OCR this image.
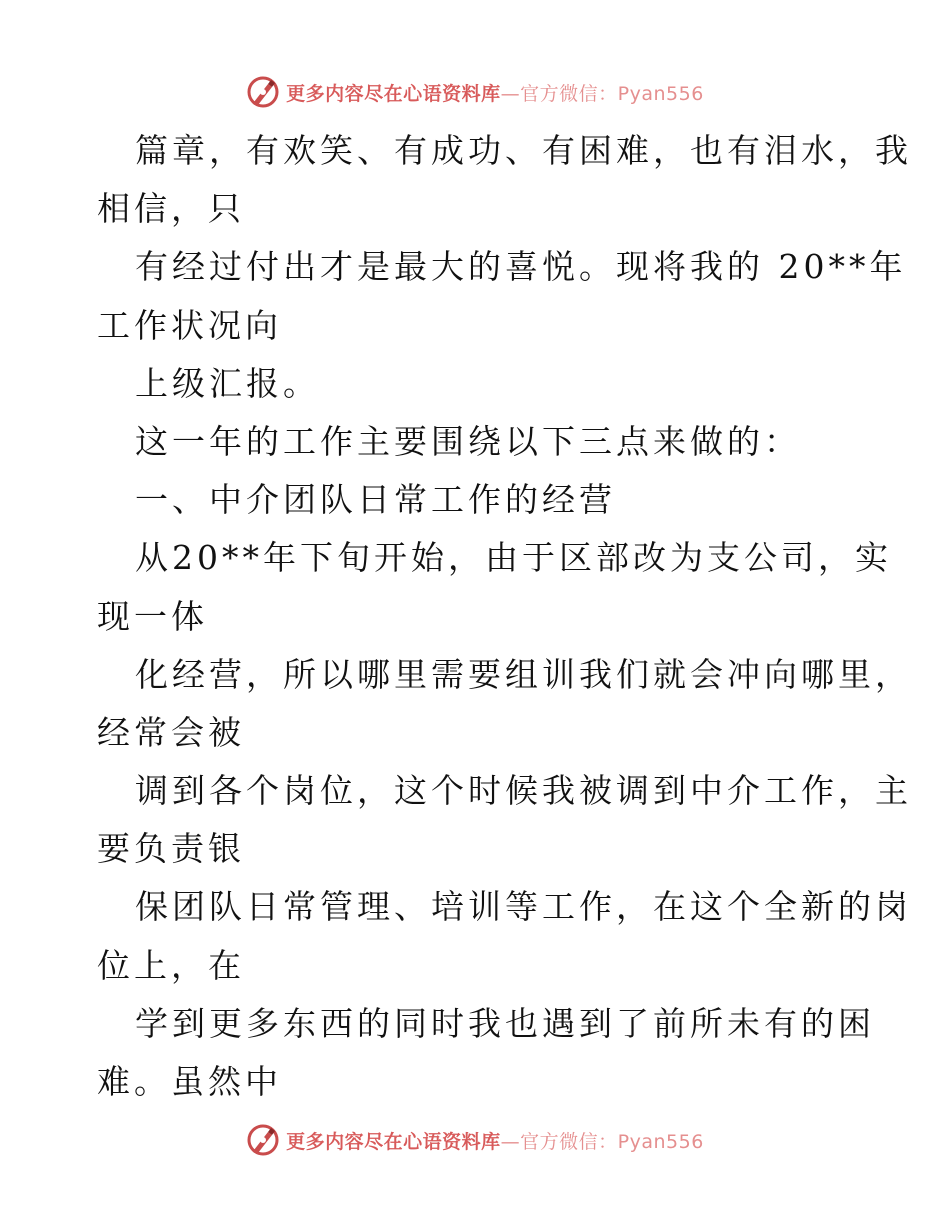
更多内容尽在心语资料库—官方微信：Pyan556
篇章，有欢笑、有成功、有困难，也有泪水，我
相信，只
有经过付出才是最大的喜悦。现将我的 20**年
工作状况向
上级汇报。
这一年的工作主要围绕以下三点来做的：
一、中介团队日常工作的经营
从20**年下旬开始，由于区部改为支公司，实
现一体
化经营，所以哪里需要组训我们就会冲向哪里，
经常会被
调到各个岗位，这个时候我被调到中介工作，主
要负责银
保团队日常管理、培训等工作，在这个全新的岗
位上，在
学到更多东西的同时我也遇到了前所未有的困
难。虽然中
更多内容尽在心语资料库—官方微信：Pyan556
